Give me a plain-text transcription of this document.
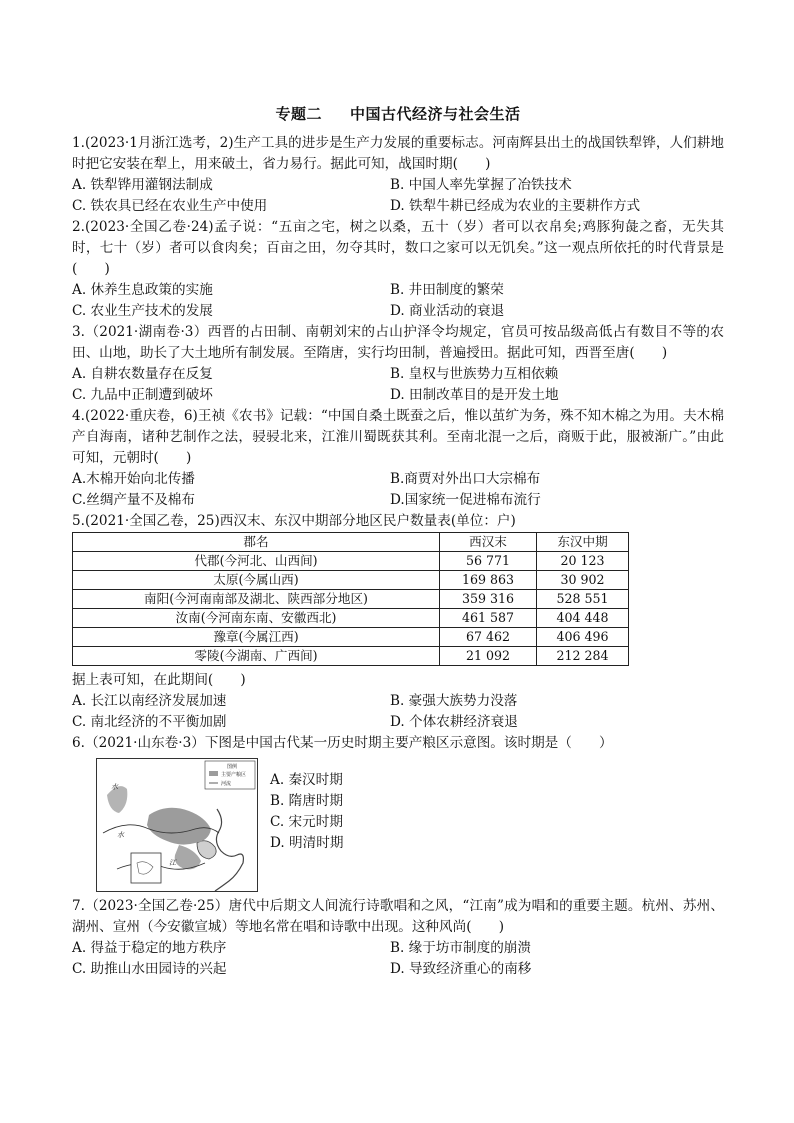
专题二 中国古代经济与社会生活
1.(2023·1月浙江选考，2)生产工具的进步是生产力发展的重要标志。河南辉县出土的战国铁犁铧，人们耕地时把它安装在犁上，用来破土，省力易行。据此可知，战国时期(　　)
A. 铁犁铧用灌钢法制成	B. 中国人率先掌握了冶铁技术
C. 铁农具已经在农业生产中使用	D. 铁犁牛耕已经成为农业的主要耕作方式
2.(2023·全国乙卷·24)孟子说：“五亩之宅，树之以桑，五十（岁）者可以衣帛矣;鸡豚狗彘之畜，无失其时，七十（岁）者可以食肉矣；百亩之田，勿夺其时，数口之家可以无饥矣。”这一观点所依托的时代背景是(　　)
A. 休养生息政策的实施	B. 井田制度的繁荣
C. 农业生产技术的发展	D. 商业活动的衰退
3.（2021·湖南卷·3）西晋的占田制、南朝刘宋的占山护泽令均规定，官员可按品级高低占有数目不等的农田、山地，助长了大土地所有制发展。至隋唐，实行均田制，普遍授田。据此可知，西晋至唐(　　)
A. 自耕农数量存在反复	B. 皇权与世族势力互相依赖
C. 九品中正制遭到破坏	D. 田制改革目的是开发土地
4.(2022·重庆卷，6)王祯《农书》记载：“中国自桑土既蚕之后，惟以茧纩为务，殊不知木棉之为用。夫木棉产自海南，诸种艺制作之法，骎骎北来，江淮川蜀既获其利。至南北混一之后，商贩于此，服被渐广。”由此可知，元朝时(　　)
A.木棉开始向北传播	B.商贾对外出口大宗棉布
C.丝绸产量不及棉布	D.国家统一促进棉布流行
5.(2021·全国乙卷，25)西汉末、东汉中期部分地区民户数量表(单位：户)
郡名	西汉末	东汉中期
代郡(今河北、山西间)	56 771	20 123
太原(今属山西)	169 863	30 902
南阳(今河南南部及湖北、陕西部分地区)	359 316	528 551
汝南(今河南东南、安徽西北)	461 587	404 448
豫章(今属江西)	67 462	406 496
零陵(今湖南、广西间)	21 092	212 284
据上表可知，在此期间(　　)
A. 长江以南经济发展加速	B. 豪强大族势力没落
C. 南北经济的不平衡加剧	D. 个体农耕经济衰退
6.（2021·山东卷·3）下图是中国古代某一历史时期主要产粮区示意图。该时期是（　　）
图例
主要产粮区
河流
水
水
江
A. 秦汉时期
B. 隋唐时期
C. 宋元时期
D. 明清时期
7.（2023·全国乙卷·25）唐代中后期文人间流行诗歌唱和之风，“江南”成为唱和的重要主题。杭州、苏州、湖州、宣州（今安徽宣城）等地名常在唱和诗歌中出现。这种风尚(　　)
A. 得益于稳定的地方秩序	B. 缘于坊市制度的崩溃
C. 助推山水田园诗的兴起	D. 导致经济重心的南移
